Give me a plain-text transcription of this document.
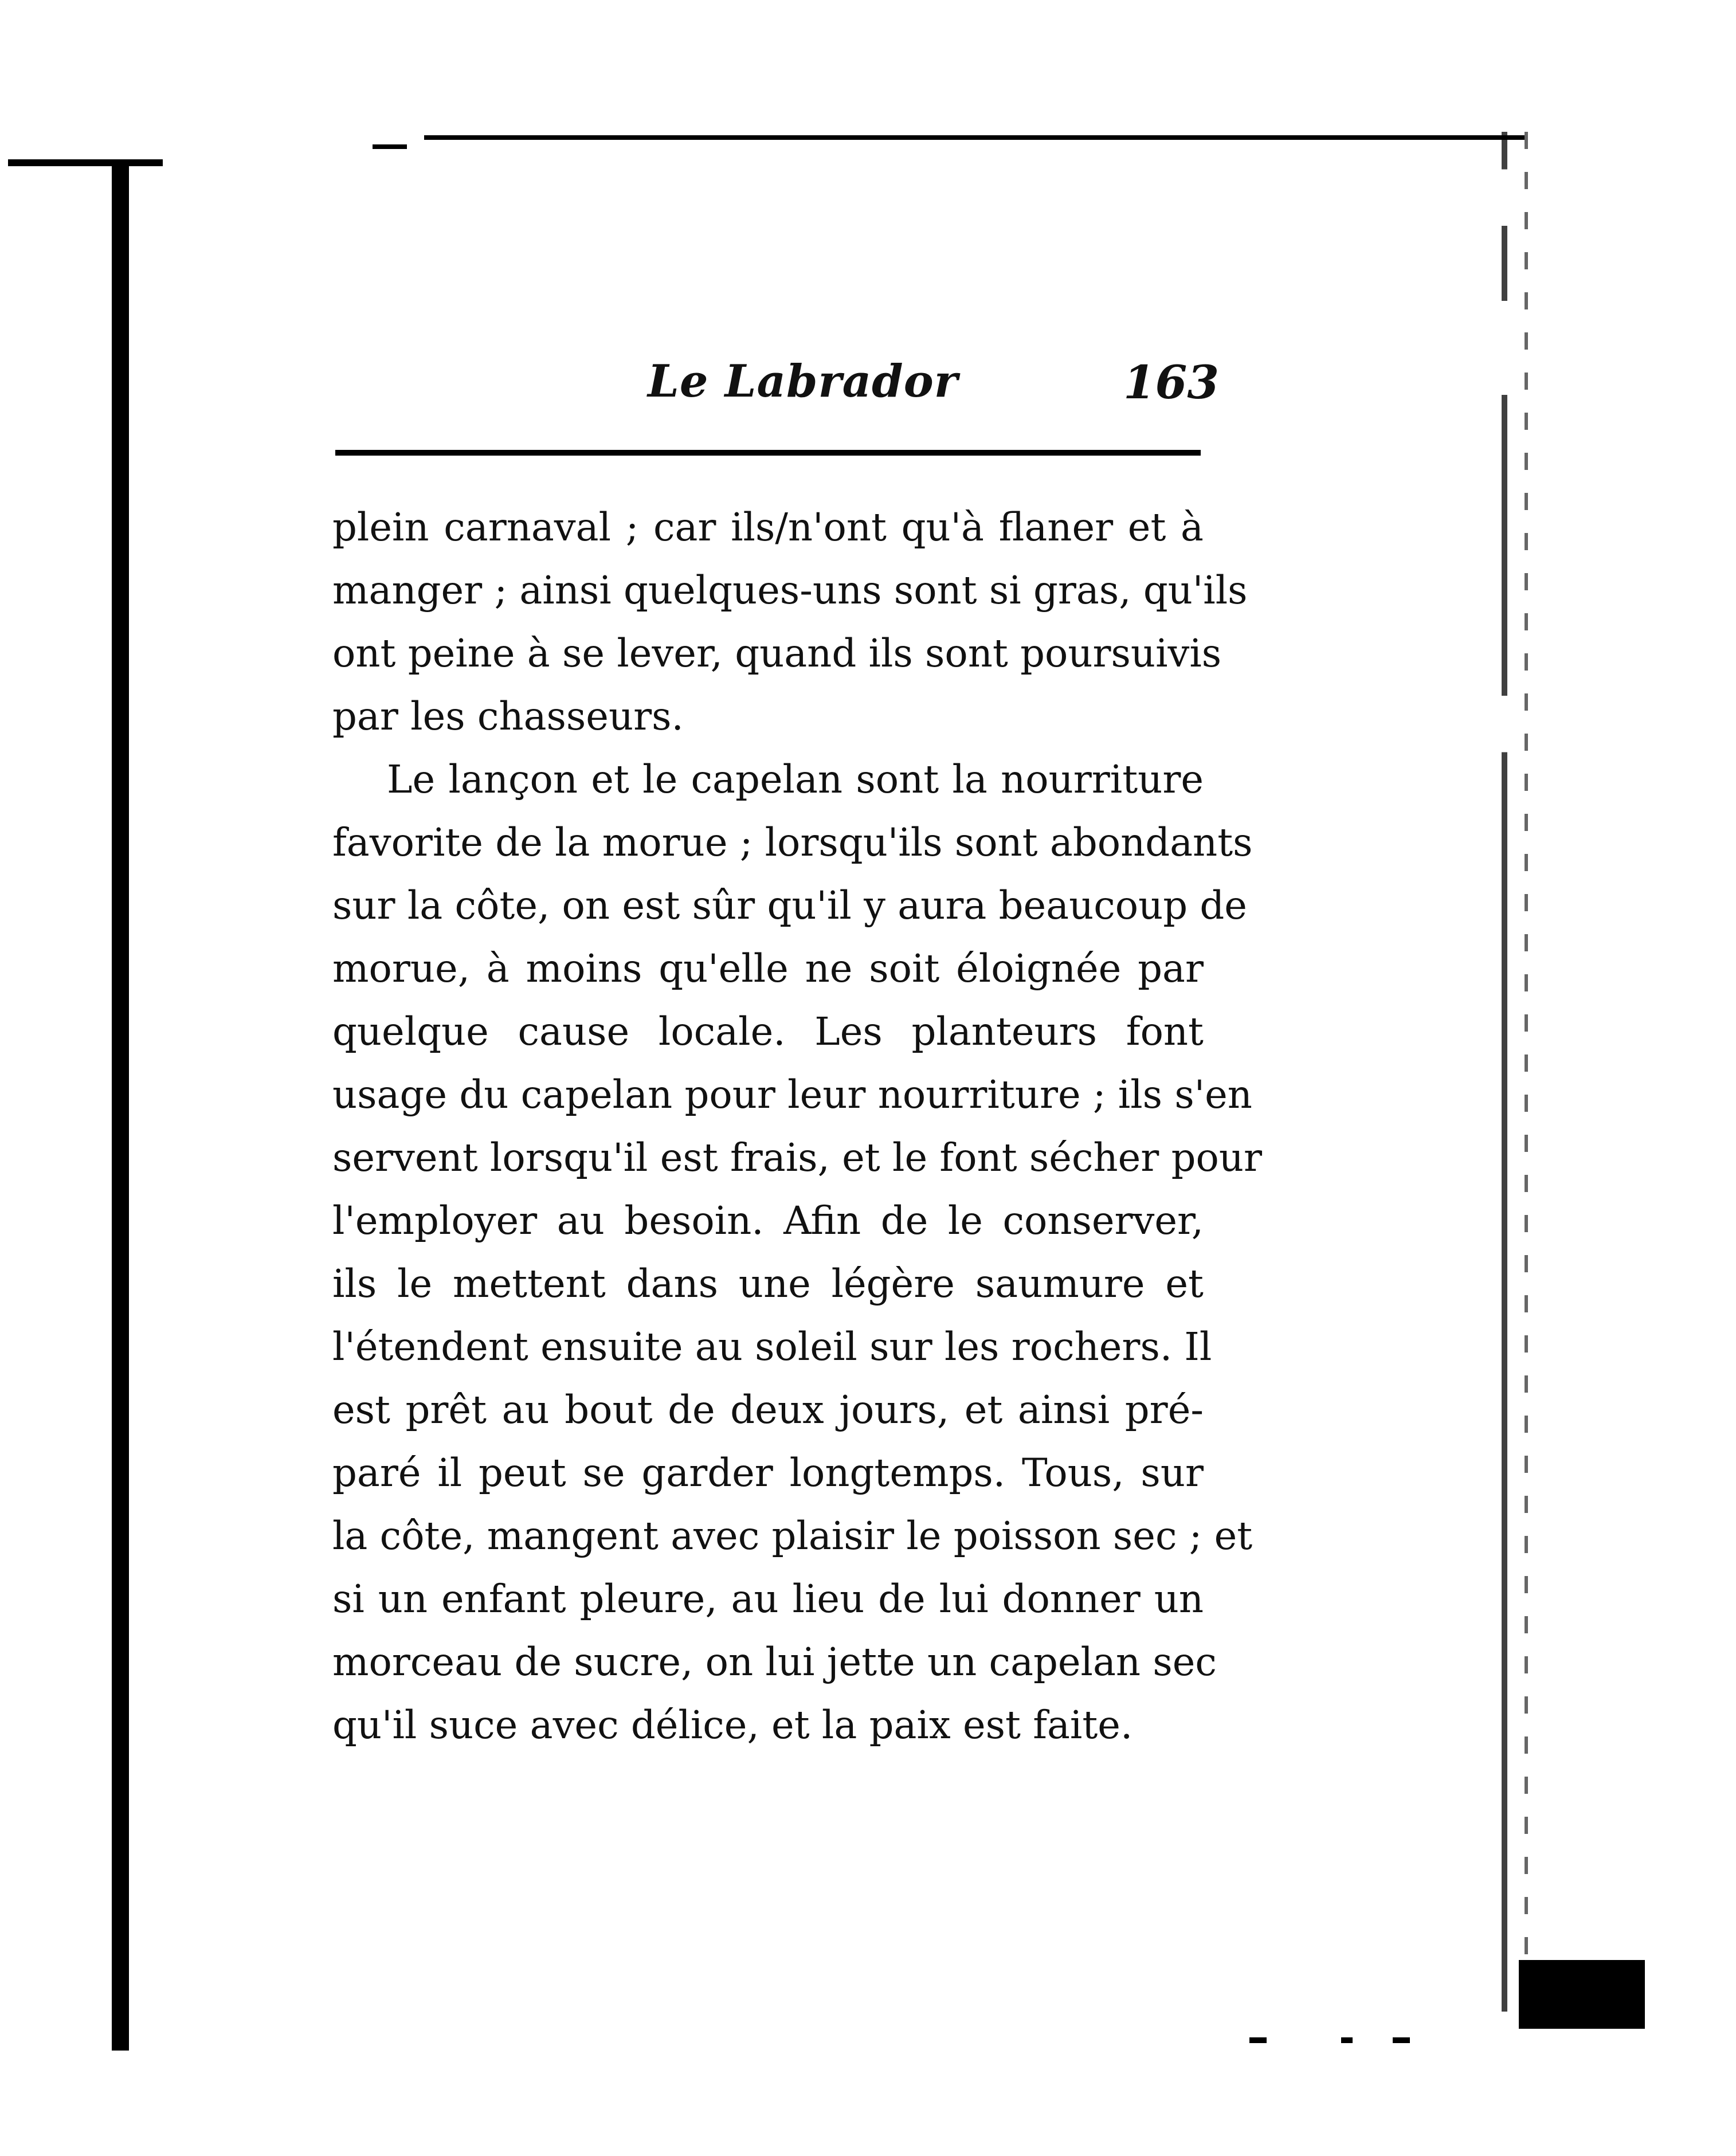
Le Labrador	163
plein carnaval ; car ils/n'ont qu'à flaner et à
manger ; ainsi quelques-uns sont si gras, qu'ils
ont peine à se lever, quand ils sont poursuivis
par les chasseurs.
Le lançon et le capelan sont la nourriture
favorite de la morue ; lorsqu'ils sont abondants
sur la côte, on est sûr qu'il y aura beaucoup de
morue, à moins qu'elle ne soit éloignée par
quelque cause locale. Les planteurs font
usage du capelan pour leur nourriture ; ils s'en
servent lorsqu'il est frais, et le font sécher pour
l'employer au besoin. Afin de le conserver,
ils le mettent dans une légère saumure et
l'étendent ensuite au soleil sur les rochers. Il
est prêt au bout de deux jours, et ainsi pré-
paré il peut se garder longtemps. Tous, sur
la côte, mangent avec plaisir le poisson sec ; et
si un enfant pleure, au lieu de lui donner un
morceau de sucre, on lui jette un capelan sec
qu'il suce avec délice, et la paix est faite.
